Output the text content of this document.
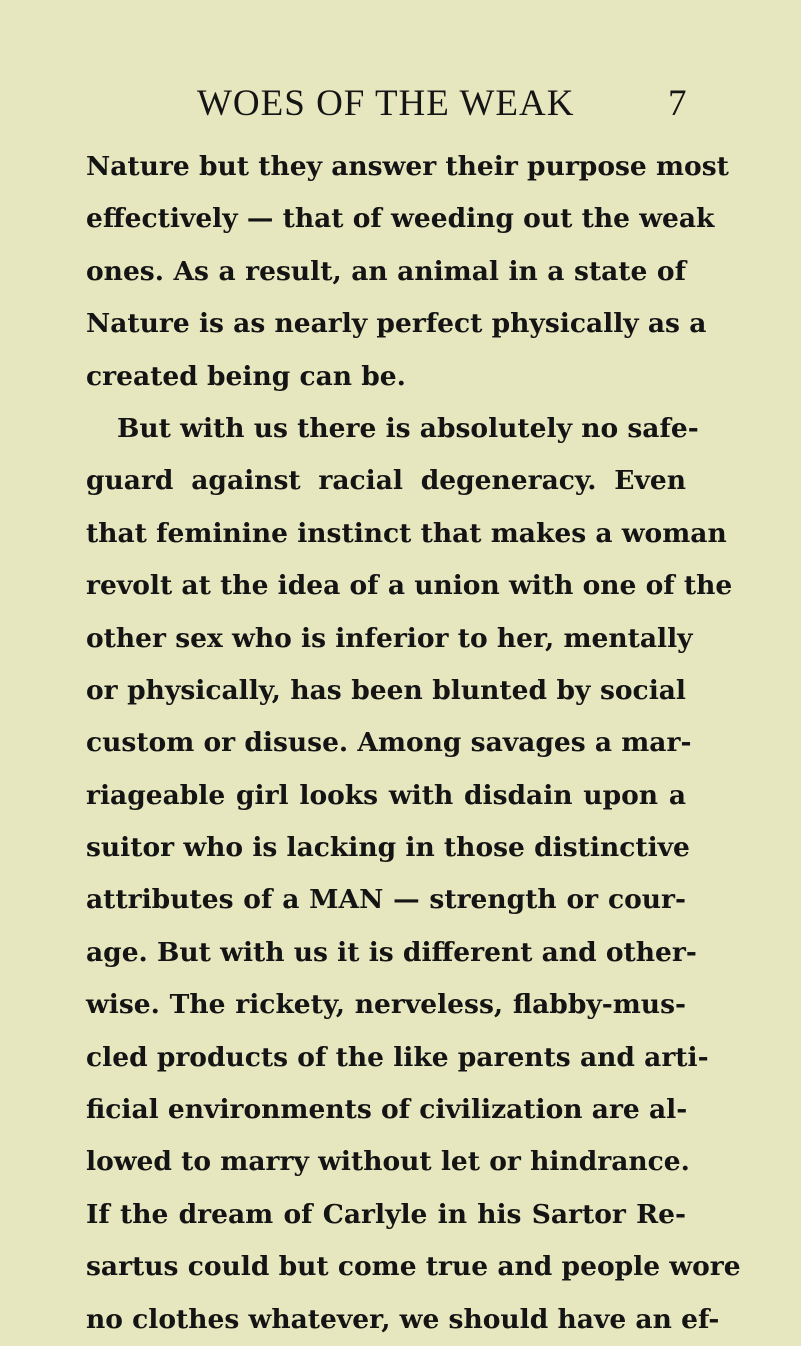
WOES OF THE WEAK	7
Nature but they answer their purpose most
effectively — that of weeding out the weak
ones. As a result, an animal in a state of
Nature is as nearly perfect physically as a
created being can be.
But with us there is absolutely no safe-
guard against racial degeneracy. Even
that feminine instinct that makes a woman
revolt at the idea of a union with one of the
other sex who is inferior to her, mentally
or physically, has been blunted by social
custom or disuse. Among savages a mar-
riageable girl looks with disdain upon a
suitor who is lacking in those distinctive
attributes of a MAN — strength or cour-
age. But with us it is different and other-
wise. The rickety, nerveless, flabby-mus-
cled products of the like parents and arti-
ficial environments of civilization are al-
lowed to marry without let or hindrance.
If the dream of Carlyle in his Sartor Re-
sartus could but come true and people wore
no clothes whatever, we should have an ef-
